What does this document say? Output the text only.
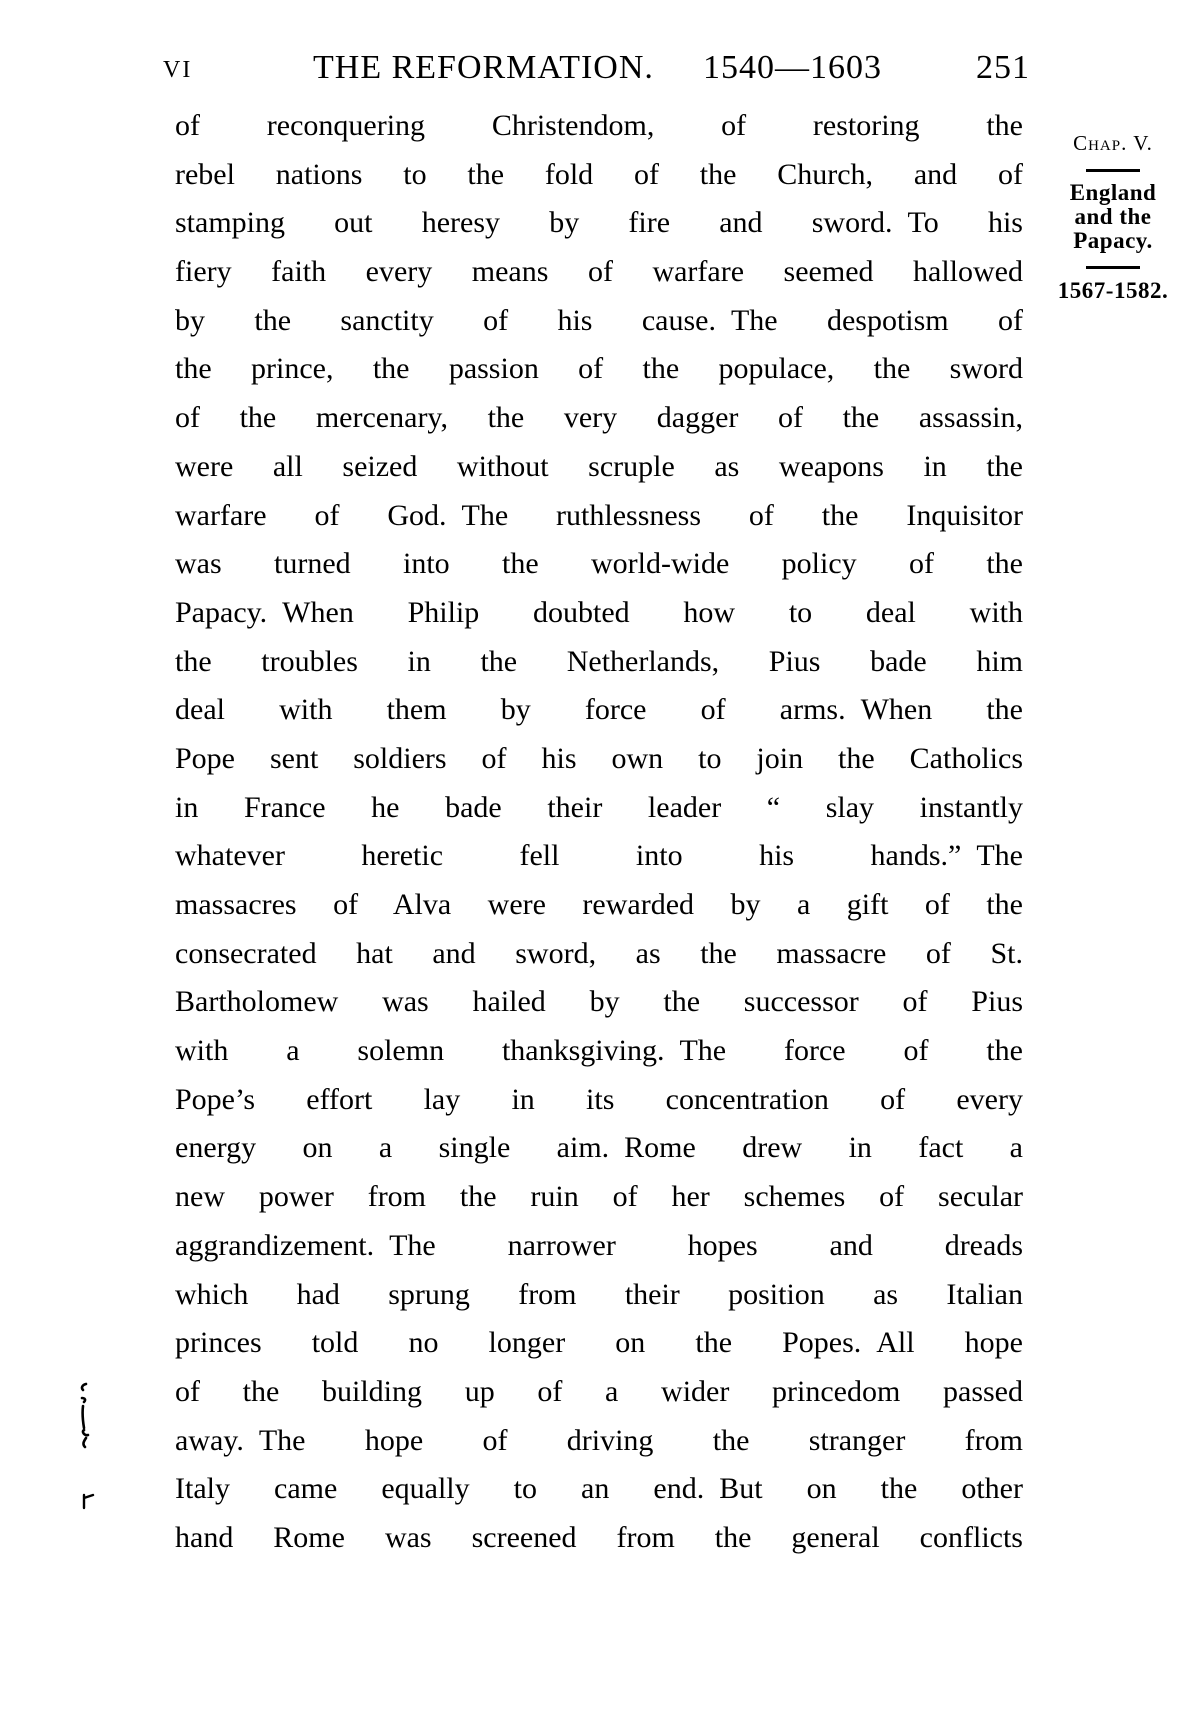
VI	THE REFORMATION. 1540—1603	251
of reconquering Christendom, of restoring the
rebel nations to the fold of the Church, and of
stamping out heresy by fire and sword. To his
fiery faith every means of warfare seemed hallowed
by the sanctity of his cause. The despotism of
the prince, the passion of the populace, the sword
of the mercenary, the very dagger of the assassin,
were all seized without scruple as weapons in the
warfare of God. The ruthlessness of the Inquisitor
was turned into the world-wide policy of the
Papacy. When Philip doubted how to deal with
the troubles in the Netherlands, Pius bade him
deal with them by force of arms. When the
Pope sent soldiers of his own to join the Catholics
in France he bade their leader “ slay instantly
whatever heretic fell into his hands.” The
massacres of Alva were rewarded by a gift of the
consecrated hat and sword, as the massacre of St.
Bartholomew was hailed by the successor of Pius
with a solemn thanksgiving. The force of the
Pope’s effort lay in its concentration of every
energy on a single aim. Rome drew in fact a
new power from the ruin of her schemes of secular
aggrandizement. The narrower hopes and dreads
which had sprung from their position as Italian
princes told no longer on the Popes. All hope
of the building up of a wider princedom passed
away. The hope of driving the stranger from
Italy came equally to an end. But on the other
hand Rome was screened from the general conflicts
Chap. V.
England
and the
Papacy.
1567-1582.
